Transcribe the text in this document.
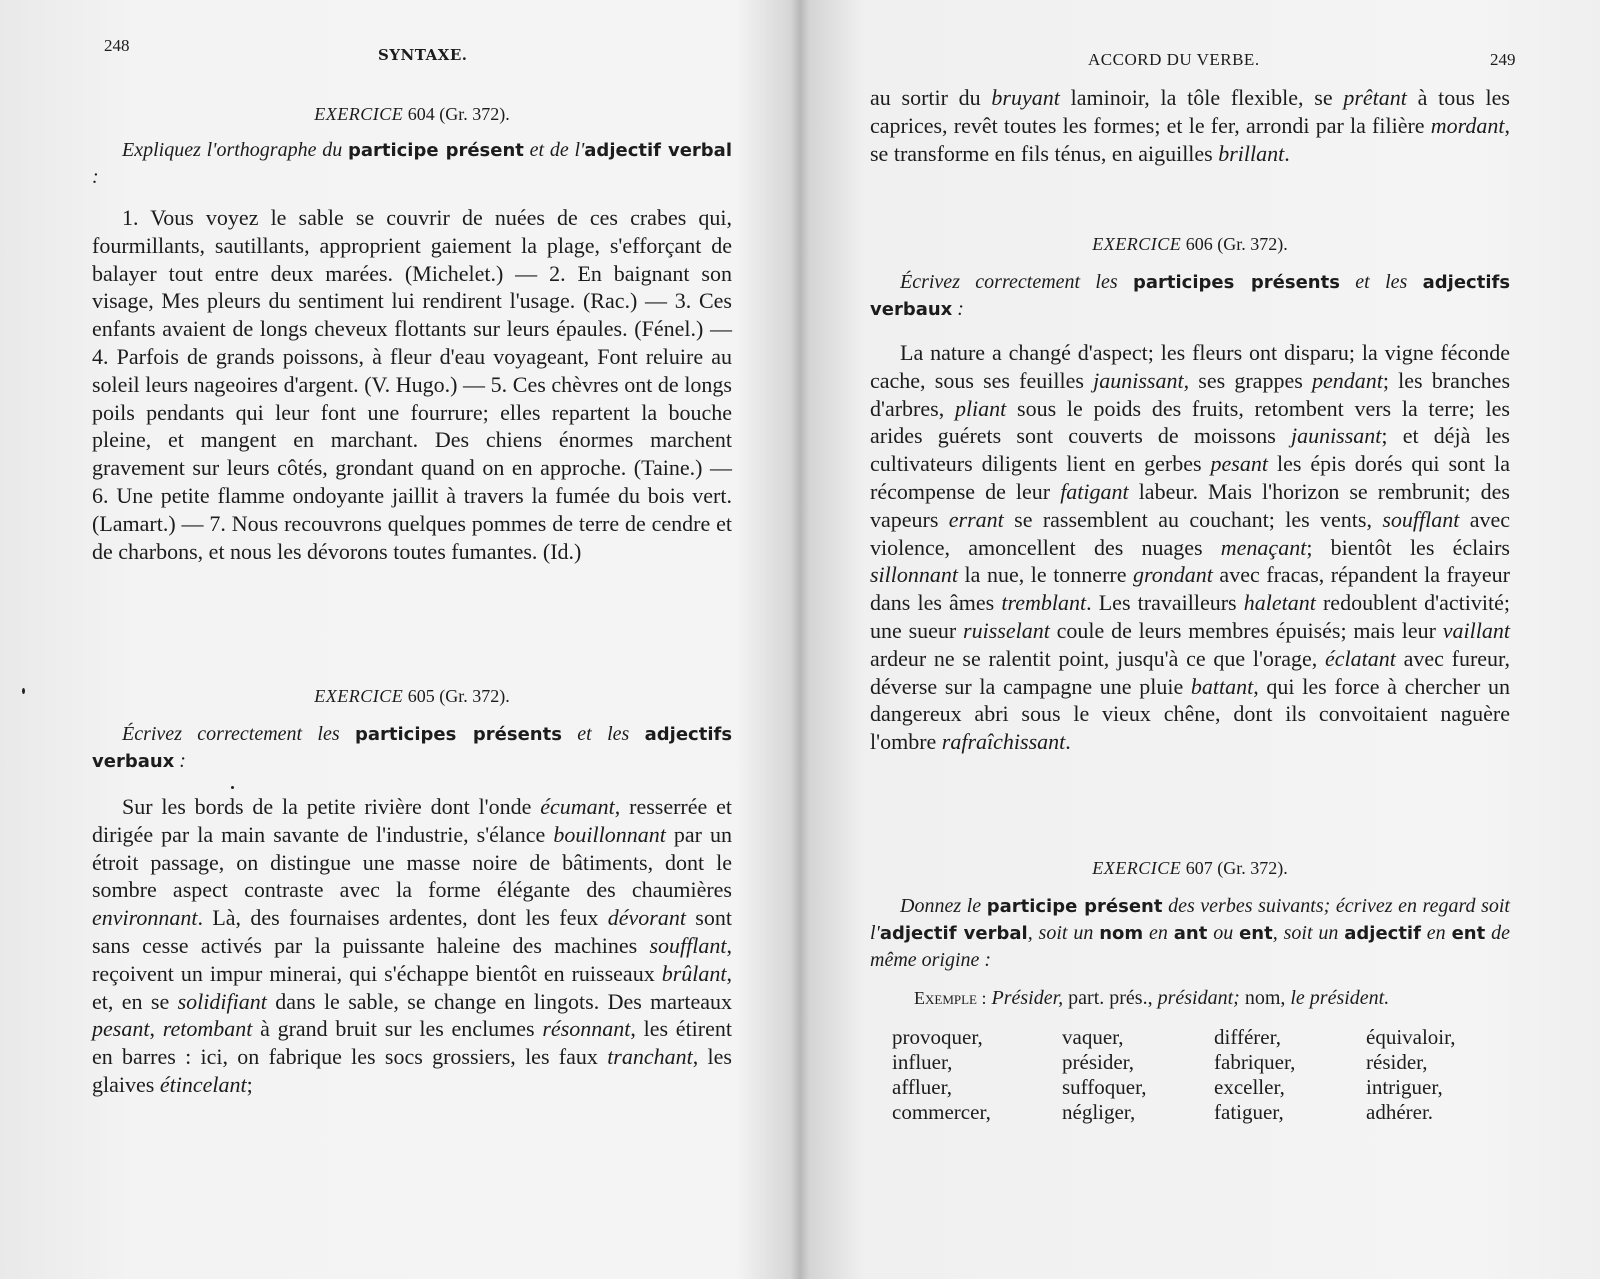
248	SYNTAXE.

EXERCICE 604 (Gr. 372).

Expliquez l'orthographe du participe présent et de l'adjectif verbal :

1. Vous voyez le sable se couvrir de nuées de ces crabes qui, fourmillants, sautillants, approprient gaiement la plage, s'efforçant de balayer tout entre deux marées. (Michelet.) — 2. En baignant son visage, Mes pleurs du sentiment lui rendirent l'usage. (Rac.) — 3. Ces enfants avaient de longs cheveux flottants sur leurs épaules. (Fénel.) — 4. Parfois de grands poissons, à fleur d'eau voyageant, Font reluire au soleil leurs nageoires d'argent. (V. Hugo.) — 5. Ces chèvres ont de longs poils pendants qui leur font une fourrure; elles repartent la bouche pleine, et mangent en marchant. Des chiens énormes marchent gravement sur leurs côtés, grondant quand on en approche. (Taine.) — 6. Une petite flamme ondoyante jaillit à travers la fumée du bois vert. (Lamart.) — 7. Nous recouvrons quelques pommes de terre de cendre et de charbons, et nous les dévorons toutes fumantes. (Id.)

EXERCICE 605 (Gr. 372).

Écrivez correctement les participes présents et les adjectifs verbaux :

Sur les bords de la petite rivière dont l'onde écumant, resserrée et dirigée par la main savante de l'industrie, s'élance bouillonnant par un étroit passage, on distingue une masse noire de bâtiments, dont le sombre aspect contraste avec la forme élégante des chaumières environnant. Là, des fournaises ardentes, dont les feux dévorant sont sans cesse activés par la puissante haleine des machines soufflant, reçoivent un impur minerai, qui s'échappe bientôt en ruisseaux brûlant, et, en se solidifiant dans le sable, se change en lingots. Des marteaux pesant, retombant à grand bruit sur les enclumes résonnant, les étirent en barres : ici, on fabrique les socs grossiers, les faux tranchant, les glaives étincelant;

ACCORD DU VERBE.	249

au sortir du bruyant laminoir, la tôle flexible, se prêtant à tous les caprices, revêt toutes les formes; et le fer, arrondi par la filière mordant, se transforme en fils ténus, en aiguilles brillant.

EXERCICE 606 (Gr. 372).

Écrivez correctement les participes présents et les adjectifs verbaux :

La nature a changé d'aspect; les fleurs ont disparu; la vigne féconde cache, sous ses feuilles jaunissant, ses grappes pendant; les branches d'arbres, pliant sous le poids des fruits, retombent vers la terre; les arides guérets sont couverts de moissons jaunissant; et déjà les cultivateurs diligents lient en gerbes pesant les épis dorés qui sont la récompense de leur fatigant labeur. Mais l'horizon se rembrunit; des vapeurs errant se rassemblent au couchant; les vents, soufflant avec violence, amoncellent des nuages menaçant; bientôt les éclairs sillonnant la nue, le tonnerre grondant avec fracas, répandent la frayeur dans les âmes tremblant. Les travailleurs haletant redoublent d'activité; une sueur ruisselant coule de leurs membres épuisés; mais leur vaillant ardeur ne se ralentit point, jusqu'à ce que l'orage, éclatant avec fureur, déverse sur la campagne une pluie battant, qui les force à chercher un dangereux abri sous le vieux chêne, dont ils convoitaient naguère l'ombre rafraîchissant.

EXERCICE 607 (Gr. 372).

Donnez le participe présent des verbes suivants; écrivez en regard soit l'adjectif verbal, soit un nom en ant ou ent, soit un adjectif en ent de même origine :

Exemple : Présider, part. prés., présidant; nom, le président.

provoquer,	vaquer,	différer,	équivaloir,
influer,	présider,	fabriquer,	résider,
affluer,	suffoquer,	exceller,	intriguer,
commercer,	négliger,	fatiguer,	adhérer.
